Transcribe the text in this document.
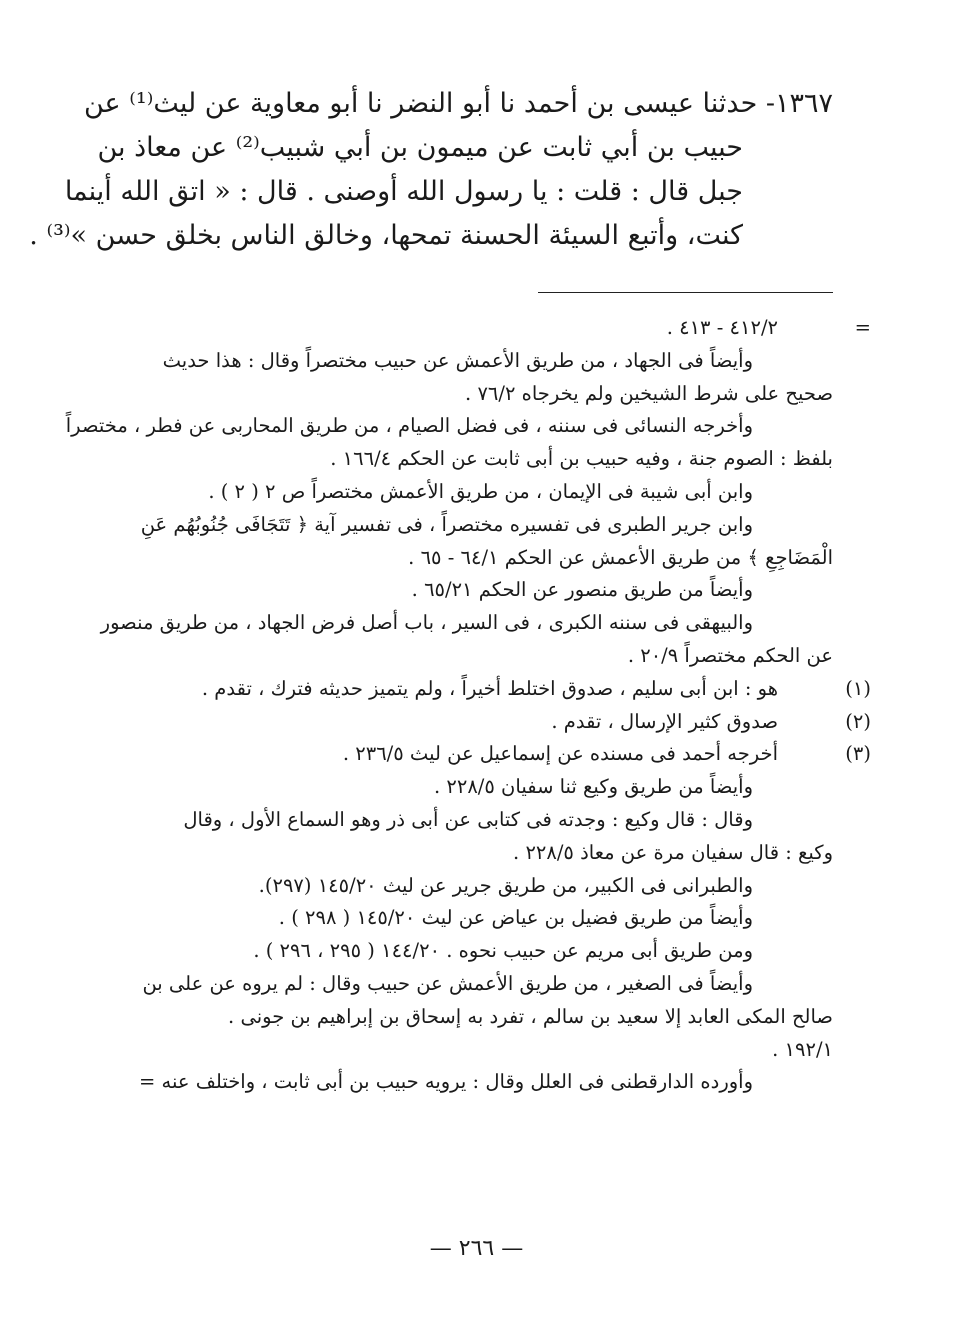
١٣٦٧- حدثنا عيسى بن أحمد نا أبو النضر نا أبو معاوية عن ليث⁽¹⁾ عن
حبيب بن أبي ثابت عن ميمون بن أبي شبيب⁽²⁾ عن معاذ بن
جبل قال : قلت : يا رسول الله أوصنى . قال : « اتق الله أينما
كنت، وأتبع السيئة الحسنة تمحها، وخالق الناس بخلق حسن »⁽³⁾ .
=
٤١٢/٢ - ٤١٣ .
وأيضاً فى الجهاد ، من طريق الأعمش عن حبيب مختصراً وقال : هذا حديث
صحيح على شرط الشيخين ولم يخرجاه ٧٦/٢ .
وأخرجه النسائى فى سننه ، فى فضل الصيام ، من طريق المحاربى عن فطر ، مختصراً
بلفظ : الصوم جنة ، وفيه حبيب بن أبى ثابت عن الحكم ١٦٦/٤ .
وابن أبى شيبة فى الإيمان ، من طريق الأعمش مختصراً ص ٢ ( ٢ ) .
وابن جرير الطبرى فى تفسيره مختصراً ، فى تفسير آية ﴿ تَتَجَافَى جُنُوبُهُم عَنِ
الْمَضَاجِعِ ﴾ من طريق الأعمش عن الحكم ٦٤/١ - ٦٥ .
وأيضاً من طريق منصور عن الحكم ٦٥/٢١ .
والبيهقى فى سننه الكبرى ، فى السير ، باب أصل فرض الجهاد ، من طريق منصور
عن الحكم مختصراً ٢٠/٩ .
(١)
هو : ابن أبى سليم ، صدوق اختلط أخيراً ، ولم يتميز حديثه فترك ، تقدم .
(٢)
صدوق كثير الإرسال ، تقدم .
(٣)
أخرجه أحمد فى مسنده عن إسماعيل عن ليث ٢٣٦/٥ .
وأيضاً من طريق وكيع ثنا سفيان ٢٢٨/٥ .
وقال : قال وكيع : وجدته فى كتابى عن أبى ذر وهو السماع الأول ، وقال
وكيع : قال سفيان مرة عن معاذ ٢٢٨/٥ .
والطبرانى فى الكبير، من طريق جرير عن ليث ١٤٥/٢٠ (٢٩٧).
وأيضاً من طريق فضيل بن عياض عن ليث ١٤٥/٢٠ ( ٢٩٨ ) .
ومن طريق أبى مريم عن حبيب نحوه . ١٤٤/٢٠ ( ٢٩٥ ، ٢٩٦ ) .
وأيضاً فى الصغير ، من طريق الأعمش عن حبيب وقال : لم يروه عن على بن
صالح المكى العابد إلا سعيد بن سالم ، تفرد به إسحاق بن إبراهيم بن جونى .
١٩٢/١ .
وأورده الدارقطنى فى العلل وقال : يرويه حبيب بن أبى ثابت ، واختلف عنه =
— ٢٦٦ —
